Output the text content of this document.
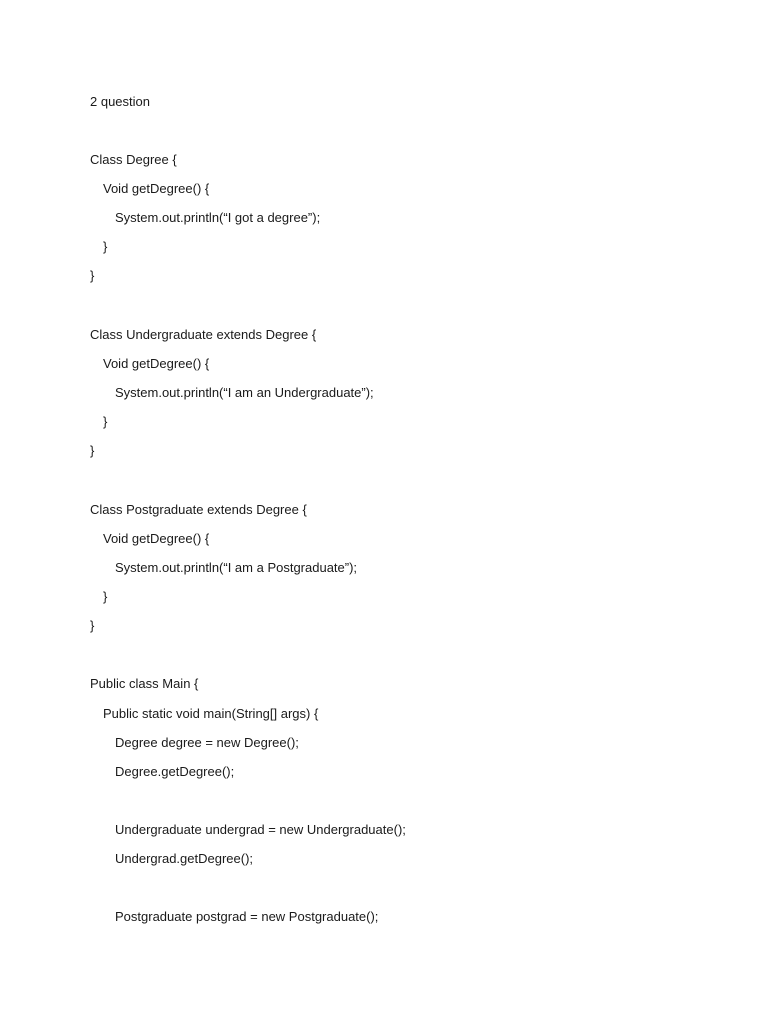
2 question
Class Degree {
Void getDegree() {
System.out.println(“I got a degree”);
}
}
Class Undergraduate extends Degree {
Void getDegree() {
System.out.println(“I am an Undergraduate”);
}
}
Class Postgraduate extends Degree {
Void getDegree() {
System.out.println(“I am a Postgraduate”);
}
}
Public class Main {
Public static void main(String[] args) {
Degree degree = new Degree();
Degree.getDegree();
Undergraduate undergrad = new Undergraduate();
Undergrad.getDegree();
Postgraduate postgrad = new Postgraduate();
